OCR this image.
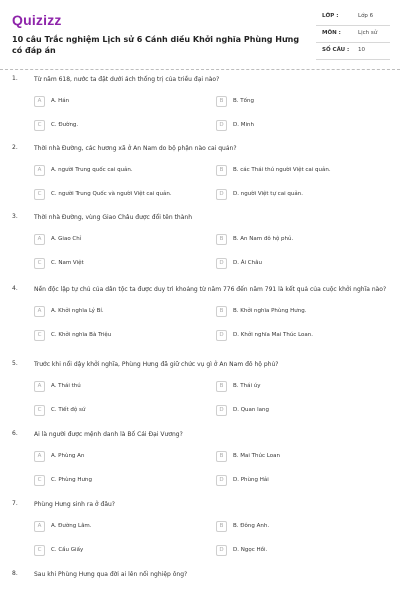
Quizizz
10 câu Trắc nghiệm Lịch sử 6 Cánh diều Khởi nghĩa Phùng Hưng có đáp án
LỚP :	Lớp 6
MÔN :	Lịch sử
SỐ CÂU : 10
1.	Từ năm 618, nước ta đặt dưới ách thống trị của triều đại nào?
A	A. Hán	B	B. Tống
C	C. Đường.	D	D. Minh
2.	Thời nhà Đường, các hương xã ở An Nam do bộ phận nào cai quản?
A	A. người Trung quốc cai quản.	B	B. các Thái thú người Việt cai quản.
C	C. người Trung Quốc và người Việt cai quản.	D	D. người Việt tự cai quản.
3.	Thời nhà Đường, vùng Giao Châu được đổi tên thành
A	A. Giao Chỉ	B	B. An Nam đô hộ phủ.
C	C. Nam Việt	D	D. Ái Châu
4.	Nền độc lập tự chủ của dân tộc ta được duy trì khoảng từ năm 776 đến năm 791 là kết quả của cuộc khởi nghĩa nào?
A	A. Khởi nghĩa Lý Bí.	B	B. Khởi nghĩa Phùng Hưng.
C	C. Khởi nghĩa Bà Triệu	D	D. Khởi nghĩa Mai Thúc Loan.
5.	Trước khi nổi dậy khởi nghĩa, Phùng Hưng đã giữ chức vụ gì ở An Nam đô hộ phủ?
A	A. Thái thú	B	B. Thái úy
C	C. Tiết độ sứ	D	D. Quan lang
6.	Ai là người được mệnh danh là Bố Cái Đại Vương?
A	A. Phùng An	B	B. Mai Thúc Loan
C	C. Phùng Hưng	D	D. Phùng Hải
7.	Phùng Hưng sinh ra ở đâu?
A	A. Đường Lâm.	B	B. Đông Anh.
C	C. Cầu Giấy	D	D. Ngọc Hồi.
8.	Sau khi Phùng Hưng qua đời ai lên nối nghiệp ông?
